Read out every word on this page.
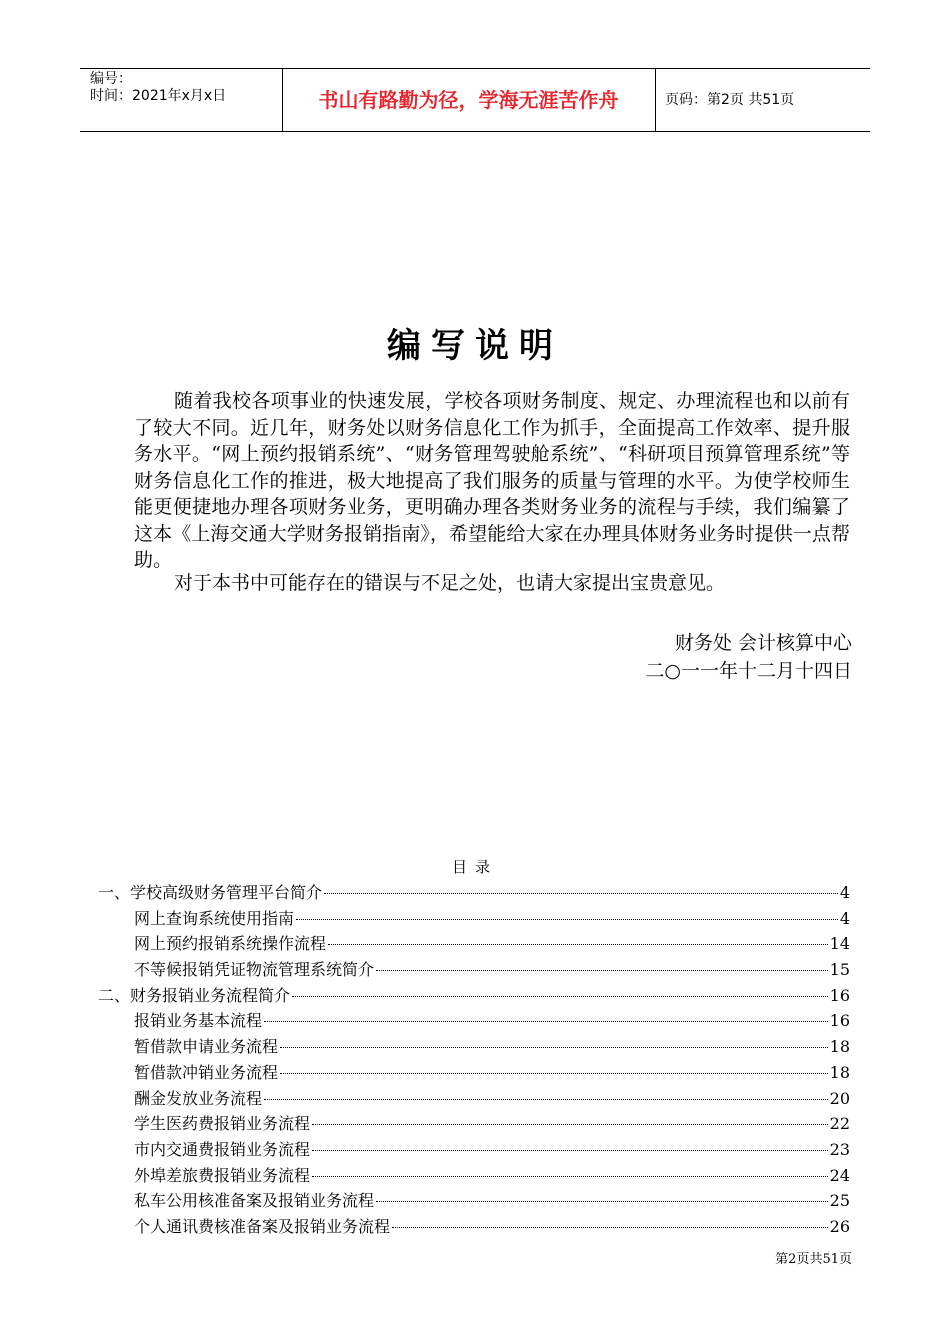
编号：
时间：2021年x月x日	书山有路勤为径，学海无涯苦作舟	页码：第2页 共51页
编写说明

随着我校各项事业的快速发展，学校各项财务制度、规定、办理流程也和以前有了较大不同。近几年，财务处以财务信息化工作为抓手，全面提高工作效率、提升服务水平。“网上预约报销系统”、“财务管理驾驶舱系统”、“科研项目预算管理系统”等财务信息化工作的推进，极大地提高了我们服务的质量与管理的水平。为使学校师生能更便捷地办理各项财务业务，更明确办理各类财务业务的流程与手续，我们编纂了这本《上海交通大学财务报销指南》，希望能给大家在办理具体财务业务时提供一点帮助。

对于本书中可能存在的错误与不足之处，也请大家提出宝贵意见。

财务处 会计核算中心
二○一一年十二月十四日
目录
一、学校高级财务管理平台简介	4
网上查询系统使用指南	4
网上预约报销系统操作流程	14
不等候报销凭证物流管理系统简介	15
二、财务报销业务流程简介	16
报销业务基本流程	16
暂借款申请业务流程	18
暂借款冲销业务流程	18
酬金发放业务流程	20
学生医药费报销业务流程	22
市内交通费报销业务流程	23
外埠差旅费报销业务流程	24
私车公用核准备案及报销业务流程	25
个人通讯费核准备案及报销业务流程	26
第2页共51页
